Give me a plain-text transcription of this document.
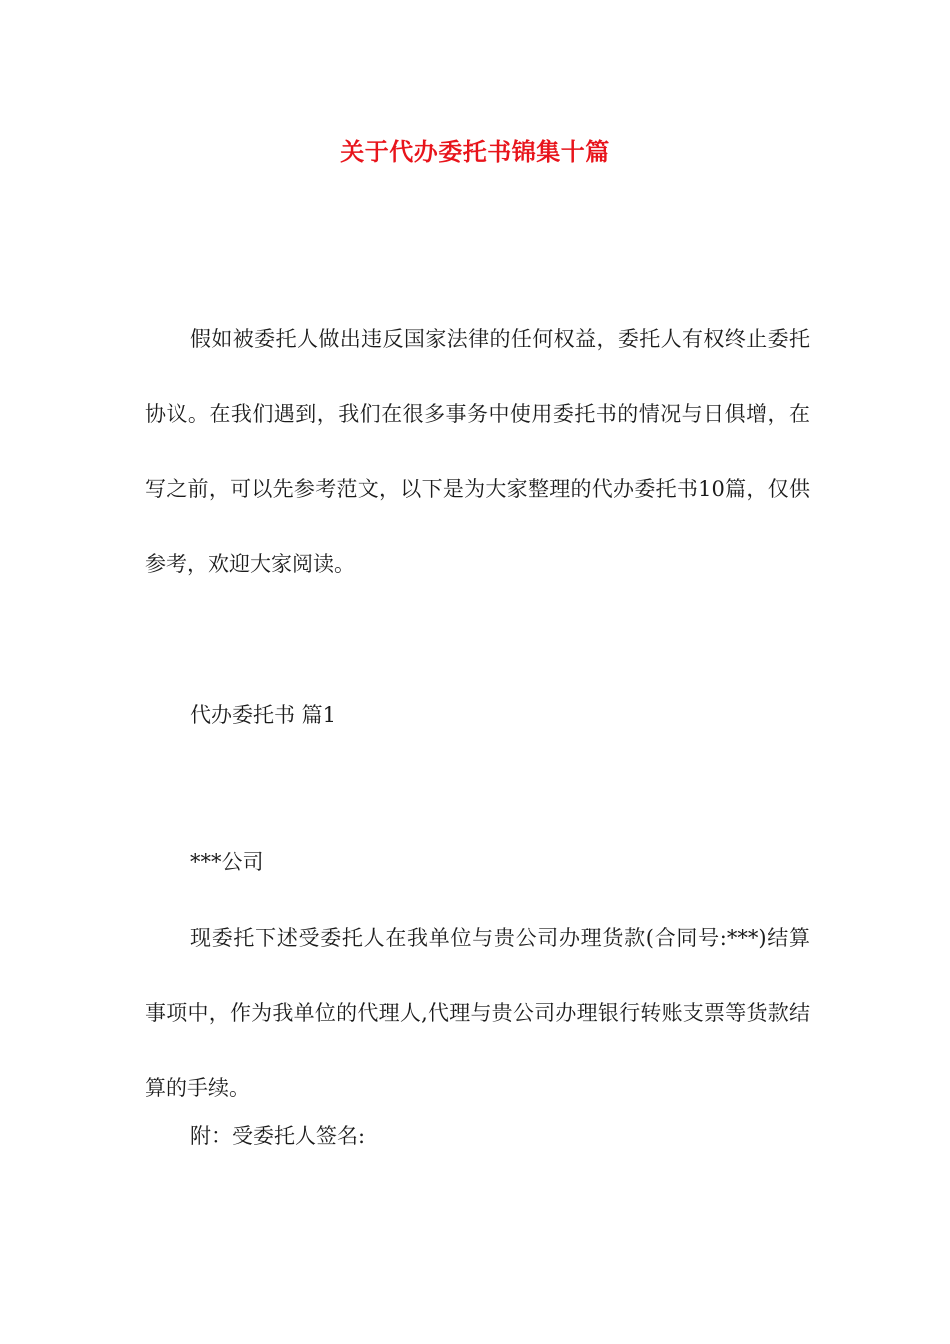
关于代办委托书锦集十篇

假如被委托人做出违反国家法律的任何权益，委托人有权终止委托协议。在我们遇到，我们在很多事务中使用委托书的情况与日俱增，在写之前，可以先参考范文，以下是为大家整理的代办委托书10篇，仅供参考，欢迎大家阅读。

代办委托书 篇1
***公司

现委托下述受委托人在我单位与贵公司办理货款(合同号:***)结算事项中，作为我单位的代理人,代理与贵公司办理银行转账支票等货款结算的手续。

附：受委托人签名:
